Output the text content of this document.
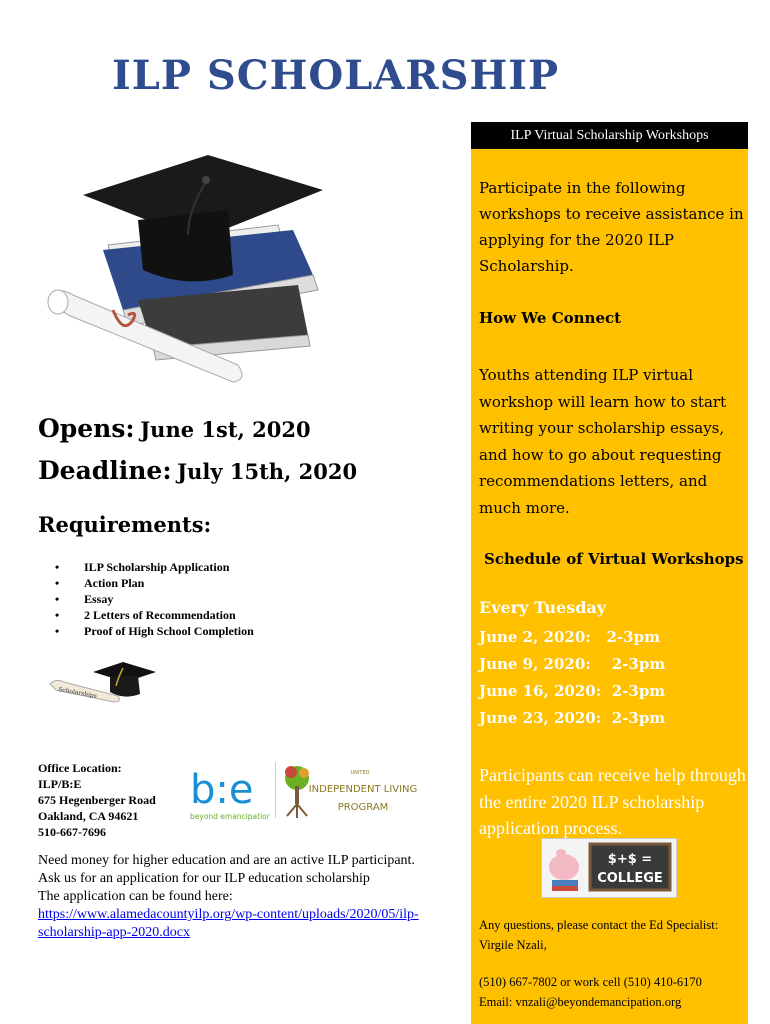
ILP SCHOLARSHIP
ILP Virtual Scholarship Workshops
Participate in the following workshops to receive assistance in applying for the 2020 ILP Scholarship.
How We Connect
Youths attending ILP virtual workshop will learn how to start writing your scholarship essays, and how to go about requesting recommendations letters, and much more.
Schedule of Virtual Workshops
Every Tuesday
June 2, 2020:   2-3pm
June 9, 2020:    2-3pm
June 16, 2020:  2-3pm
June 23, 2020:  2-3pm
Participants can receive help through the entire 2020 ILP scholarship application process.
$+$ =
COLLEGE
Any questions, please contact the Ed Specialist: Virgile Nzali,
(510) 667-7802 or work cell (510) 410-6170
Email: vnzali@beyondemancipation.org
Opens: June 1st, 2020
Deadline: July 15th, 2020
Requirements:
•	ILP Scholarship Application
•	Action Plan
•	Essay
•	2 Letters of Recommendation
•	Proof of High School Completion
Scholarships
Office Location:
ILP/B:E
675 Hegenberger Road
Oakland, CA 94621
510-667-7696
b:e
beyond emancipation
UNITED
INDEPENDENT LIVING
PROGRAM
Need money for higher education and are an active ILP participant.
Ask us for an application for our ILP education scholarship
The application can be found here:
https://www.alamedacountyilp.org/wp-content/uploads/2020/05/ilp-scholarship-app-2020.docx
